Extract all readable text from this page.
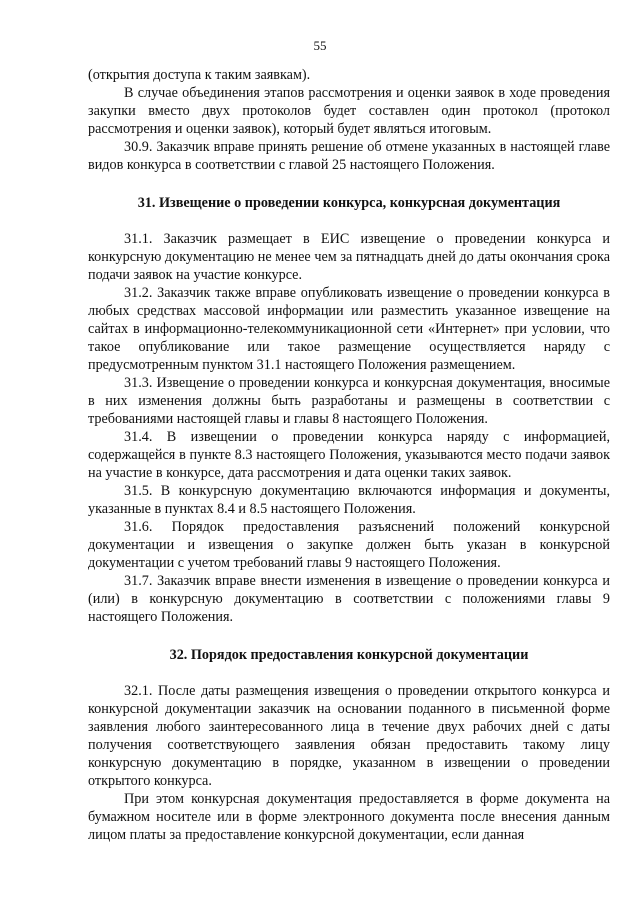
55

(открытия доступа к таким заявкам).

В случае объединения этапов рассмотрения и оценки заявок в ходе проведения закупки вместо двух протоколов будет составлен один протокол (протокол рассмотрения и оценки заявок), который будет являться итоговым.

30.9. Заказчик вправе принять решение об отмене указанных в настоящей главе видов конкурса в соответствии с главой 25 настоящего Положения.

31. Извещение о проведении конкурса, конкурсная документация

31.1. Заказчик размещает в ЕИС извещение о проведении конкурса и конкурсную документацию не менее чем за пятнадцать дней до даты окончания срока подачи заявок на участие конкурсе.

31.2. Заказчик также вправе опубликовать извещение о проведении конкурса в любых средствах массовой информации или разместить указанное извещение на сайтах в информационно-телекоммуникационной сети «Интернет» при условии, что такое опубликование или такое размещение осуществляется наряду с предусмотренным пунктом 31.1 настоящего Положения размещением.

31.3. Извещение о проведении конкурса и конкурсная документация, вносимые в них изменения должны быть разработаны и размещены в соответствии с требованиями настоящей главы и главы 8 настоящего Положения.

31.4. В извещении о проведении конкурса наряду с информацией, содержащейся в пункте 8.3 настоящего Положения, указываются место подачи заявок на участие в конкурсе, дата рассмотрения и дата оценки таких заявок.

31.5. В конкурсную документацию включаются информация и документы, указанные в пунктах 8.4 и 8.5 настоящего Положения.

31.6. Порядок предоставления разъяснений положений конкурсной документации и извещения о закупке должен быть указан в конкурсной документации с учетом требований главы 9 настоящего Положения.

31.7. Заказчик вправе внести изменения в извещение о проведении конкурса и (или) в конкурсную документацию в соответствии с положениями главы 9 настоящего Положения.

32. Порядок предоставления конкурсной документации

32.1. После даты размещения извещения о проведении открытого конкурса и конкурсной документации заказчик на основании поданного в письменной форме заявления любого заинтересованного лица в течение двух рабочих дней с даты получения соответствующего заявления обязан предоставить такому лицу конкурсную документацию в порядке, указанном в извещении о проведении открытого конкурса.

При этом конкурсная документация предоставляется в форме документа на бумажном носителе или в форме электронного документа после внесения данным лицом платы за предоставление конкурсной документации, если данная
